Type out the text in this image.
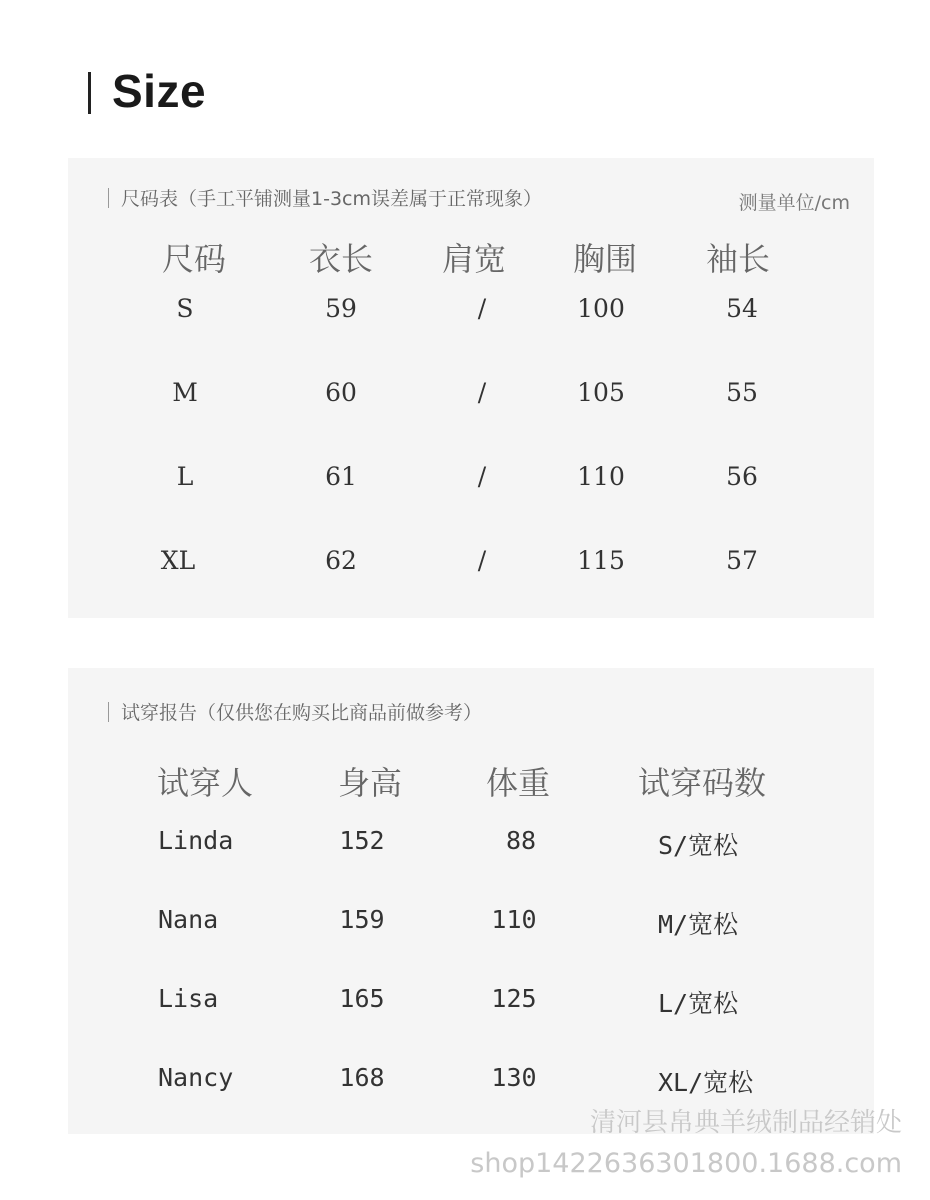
Size
尺码表（手工平铺测量1-3cm误差属于正常现象）	测量单位/cm
尺码	衣长 肩宽 胸围 袖长
S	59	/	100	54
M	60	/	105	55
L	61	/	110	56
XL	62	/	115	57
试穿报告（仅供您在购买比商品前做参考）
试穿人	身高	体重	试穿码数
Linda	152	88	S/宽松
Nana	159	110	M/宽松
Lisa	165	125	L/宽松
Nancy	168	130	XL/宽松
清河县帛典羊绒制品经销处
shop1422636301800.1688.com
